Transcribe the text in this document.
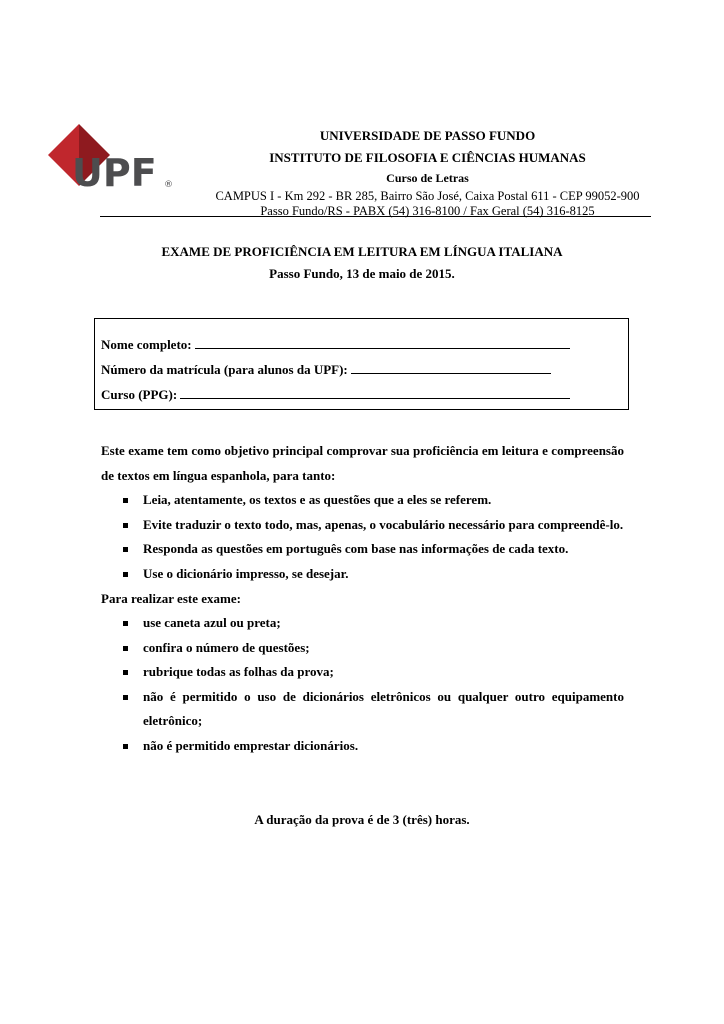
UPF ®
UNIVERSIDADE DE PASSO FUNDO
INSTITUTO DE FILOSOFIA E CIÊNCIAS HUMANAS
Curso de Letras
CAMPUS I - Km 292 - BR 285, Bairro São José, Caixa Postal 611 - CEP 99052-900
Passo Fundo/RS - PABX (54) 316-8100 / Fax Geral (54) 316-8125
EXAME DE PROFICIÊNCIA EM LEITURA EM LÍNGUA ITALIANA
Passo Fundo, 13 de maio de 2015.
Nome completo:
Número da matrícula (para alunos da UPF):
Curso (PPG):

Este exame tem como objetivo principal comprovar sua proficiência em leitura e compreensão de textos em língua espanhola, para tanto:

Leia, atentamente, os textos e as questões que a eles se referem.
Evite traduzir o texto todo, mas, apenas, o vocabulário necessário para compreendê-lo.
Responda as questões em português com base nas informações de cada texto.
Use o dicionário impresso, se desejar.

Para realizar este exame:

use caneta azul ou preta;
confira o número de questões;
rubrique todas as folhas da prova;
não é permitido o uso de dicionários eletrônicos ou qualquer outro equipamento eletrônico;
não é permitido emprestar dicionários.
A duração da prova é de 3 (três) horas.
